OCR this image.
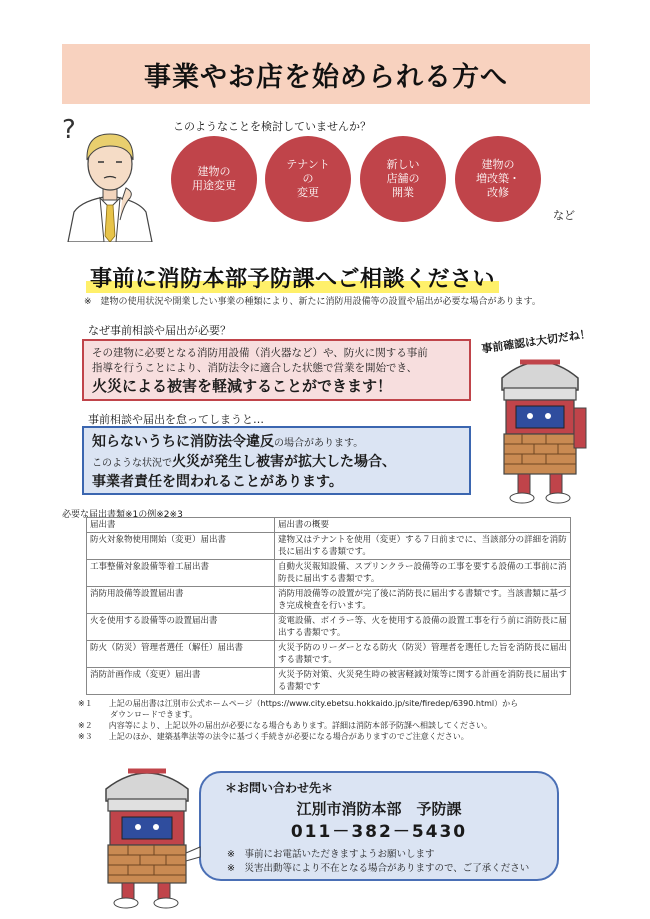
事業やお店を始められる方へ
?	このようなことを検討していませんか？
建物の
用途変更
テナント
の
変更
新しい
店舗の
開業
建物の
増改築・
改修
など
事前に消防本部予防課へご相談ください
※　建物の使用状況や開業したい事業の種類により、新たに消防用設備等の設置や届出が必要な場合があります。
なぜ事前相談や届出が必要？
その建物に必要となる消防用設備（消火器など）や、防火に関する事前
指導を行うことにより、消防法令に適合した状態で営業を開始でき、
火災による被害を軽減することができます！
事前相談や届出を怠ってしまうと…
知らないうちに消防法令違反の場合があります。
このような状況で火災が発生し被害が拡大した場合、
事業者責任を問われることがあります。
事前確認は大切だね！
必要な届出書類※1の例※2※3
届出書	届出書の概要
防火対象物使用開始（変更）届出書	建物又はテナントを使用（変更）する７日前までに、当該部分の詳細を消防長に届出する書類です。
工事整備対象設備等着工届出書	自動火災報知設備、スプリンクラー設備等の工事を要する設備の工事前に消防長に届出する書類です。
消防用設備等設置届出書	消防用設備等の設置が完了後に消防長に届出する書類です。当該書類に基づき完成検査を行います。
火を使用する設備等の設置届出書	変電設備、ボイラー等、火を使用する設備の設置工事を行う前に消防長に届出する書類です。
防火（防災）管理者選任（解任）届出書	火災予防のリーダーとなる防火（防災）管理者を選任した旨を消防長に届出する書類です。
消防計画作成（変更）届出書	火災予防対策、火災発生時の被害軽減対策等に関する計画を消防長に届出する書類です
※１　　上記の届出書は江別市公式ホームページ（https://www.city.ebetsu.hokkaido.jp/site/firedep/6390.html）から
　　　　ダウンロードできます。
※２　　内容等により、上記以外の届出が必要になる場合もあります。詳細は消防本部予防課へ相談してください。
※３　　上記のほか、建築基準法等の法令に基づく手続きが必要になる場合がありますのでご注意ください。
＊お問い合わせ先＊
江別市消防本部　予防課
011－382－5430
※　事前にお電話いただきますようお願いします
※　災害出動等により不在となる場合がありますので、ご了承ください
